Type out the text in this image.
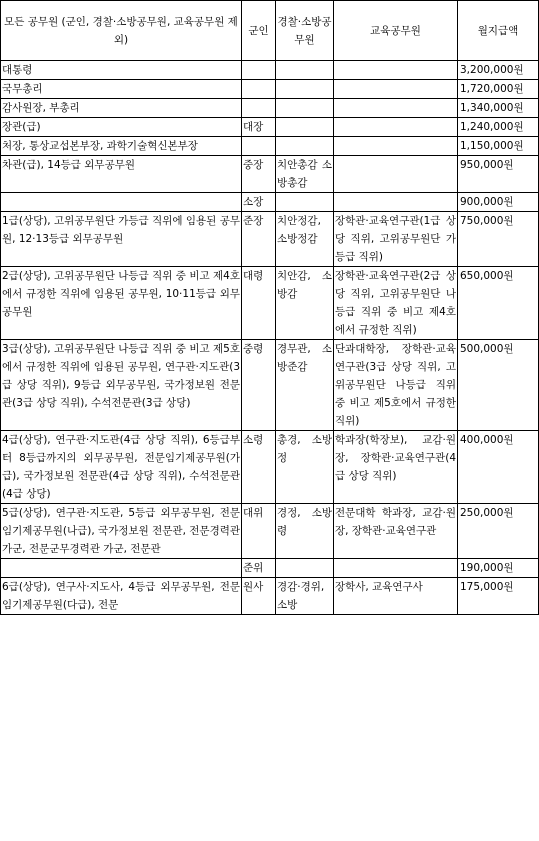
모든 공무원 (군인, 경찰·소방공무원, 교육공무원 제외)	군인	경찰·소방공무원	교육공무원	월지급액
대통령				3,200,000원
국무총리				1,720,000원
감사원장, 부총리				1,340,000원
장관(급)	대장			1,240,000원
처장, 통상교섭본부장, 과학기술혁신본부장				1,150,000원
차관(급), 14등급 외무공무원	중장	치안총감 소방총감		950,000원
	소장			900,000원
1급(상당), 고위공무원단 가등급 직위에 임용된 공무원, 12·13등급 외무공무원	준장	치안정감, 소방정감	장학관·교육연구관(1급 상당 직위, 고위공무원단 가등급 직위)	750,000원
2급(상당), 고위공무원단 나등급 직위 중 비고 제4호에서 규정한 직위에 임용된 공무원, 10·11등급 외무공무원	대령	치안감, 소방감	장학관·교육연구관(2급 상당 직위, 고위공무원단 나등급 직위 중 비고 제4호에서 규정한 직위)	650,000원
3급(상당), 고위공무원단 나등급 직위 중 비고 제5호에서 규정한 직위에 임용된 공무원, 연구관·지도관(3급 상당 직위), 9등급 외무공무원, 국가정보원 전문관(3급 상당 직위), 수석전문관(3급 상당)	중령	경무관, 소방준감	단과대학장, 장학관·교육연구관(3급 상당 직위, 고위공무원단 나등급 직위 중 비고 제5호에서 규정한 직위)	500,000원
4급(상당), 연구관·지도관(4급 상당 직위), 6등급부터 8등급까지의 외무공무원, 전문임기제공무원(가급), 국가정보원 전문관(4급 상당 직위), 수석전문관(4급 상당)	소령	총경, 소방정	학과장(학장보), 교감·원장, 장학관·교육연구관(4급 상당 직위)	400,000원
5급(상당), 연구관·지도관, 5등급 외무공무원, 전문임기제공무원(나급), 국가정보원 전문관, 전문경력관 가군, 전문군무경력관 가군, 전문관	대위	경정, 소방령	전문대학 학과장, 교감·원장, 장학관·교육연구관	250,000원
	준위			190,000원
6급(상당), 연구사·지도사, 4등급 외무공무원, 전문임기제공무원(다급), 전문	원사	경감·경위, 소방	장학사, 교육연구사	175,000원
